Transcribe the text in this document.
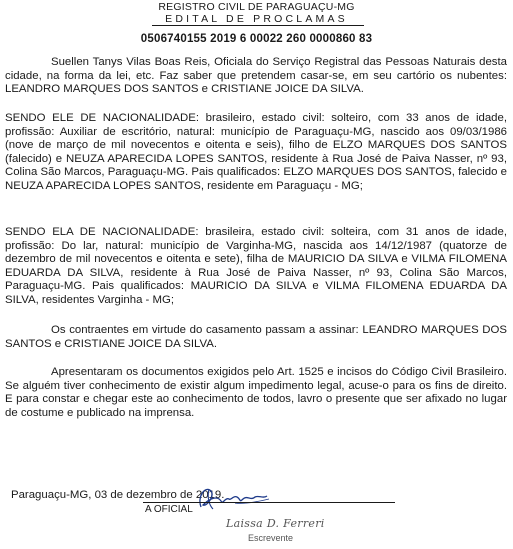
REGISTRO CIVIL DE PARAGUAÇU-MG
EDITAL DE PROCLAMAS
0506740155 2019 6 00022 260 0000860 83

Suellen Tanys Vilas Boas Reis, Oficiala do Serviço Registral das Pessoas Naturais desta cidade, na forma da lei, etc. Faz saber que pretendem casar-se, em seu cartório os nubentes: LEANDRO MARQUES DOS SANTOS e CRISTIANE JOICE DA SILVA.

SENDO ELE DE NACIONALIDADE: brasileiro, estado civil: solteiro, com 33 anos de idade, profissão: Auxiliar de escritório, natural: município de Paraguaçu-MG, nascido aos 09/03/1986 (nove de março de mil novecentos e oitenta e seis), filho de ELZO MARQUES DOS SANTOS (falecido) e NEUZA APARECIDA LOPES SANTOS, residente à Rua José de Paiva Nasser, nº 93, Colina São Marcos, Paraguaçu-MG. Pais qualificados: ELZO MARQUES DOS SANTOS, falecido e NEUZA APARECIDA LOPES SANTOS, residente em Paraguaçu - MG;

SENDO ELA DE NACIONALIDADE: brasileira, estado civil: solteira, com 31 anos de idade, profissão: Do lar, natural: município de Varginha-MG, nascida aos 14/12/1987 (quatorze de dezembro de mil novecentos e oitenta e sete), filha de MAURICIO DA SILVA e VILMA FILOMENA EDUARDA DA SILVA, residente à Rua José de Paiva Nasser, nº 93, Colina São Marcos, Paraguaçu-MG. Pais qualificados: MAURICIO DA SILVA e VILMA FILOMENA EDUARDA DA SILVA, residentes Varginha - MG;

Os contraentes em virtude do casamento passam a assinar: LEANDRO MARQUES DOS SANTOS e CRISTIANE JOICE DA SILVA.

Apresentaram os documentos exigidos pelo Art. 1525 e incisos do Código Civil Brasileiro. Se alguém tiver conhecimento de existir algum impedimento legal, acuse-o para os fins de direito. E para constar e chegar este ao conhecimento de todos, lavro o presente que ser afixado no lugar de costume e publicado na imprensa.

Paraguaçu-MG, 03 de dezembro de 2019.

A OFICIAL
Laissa D. Ferreri
Escrevente
